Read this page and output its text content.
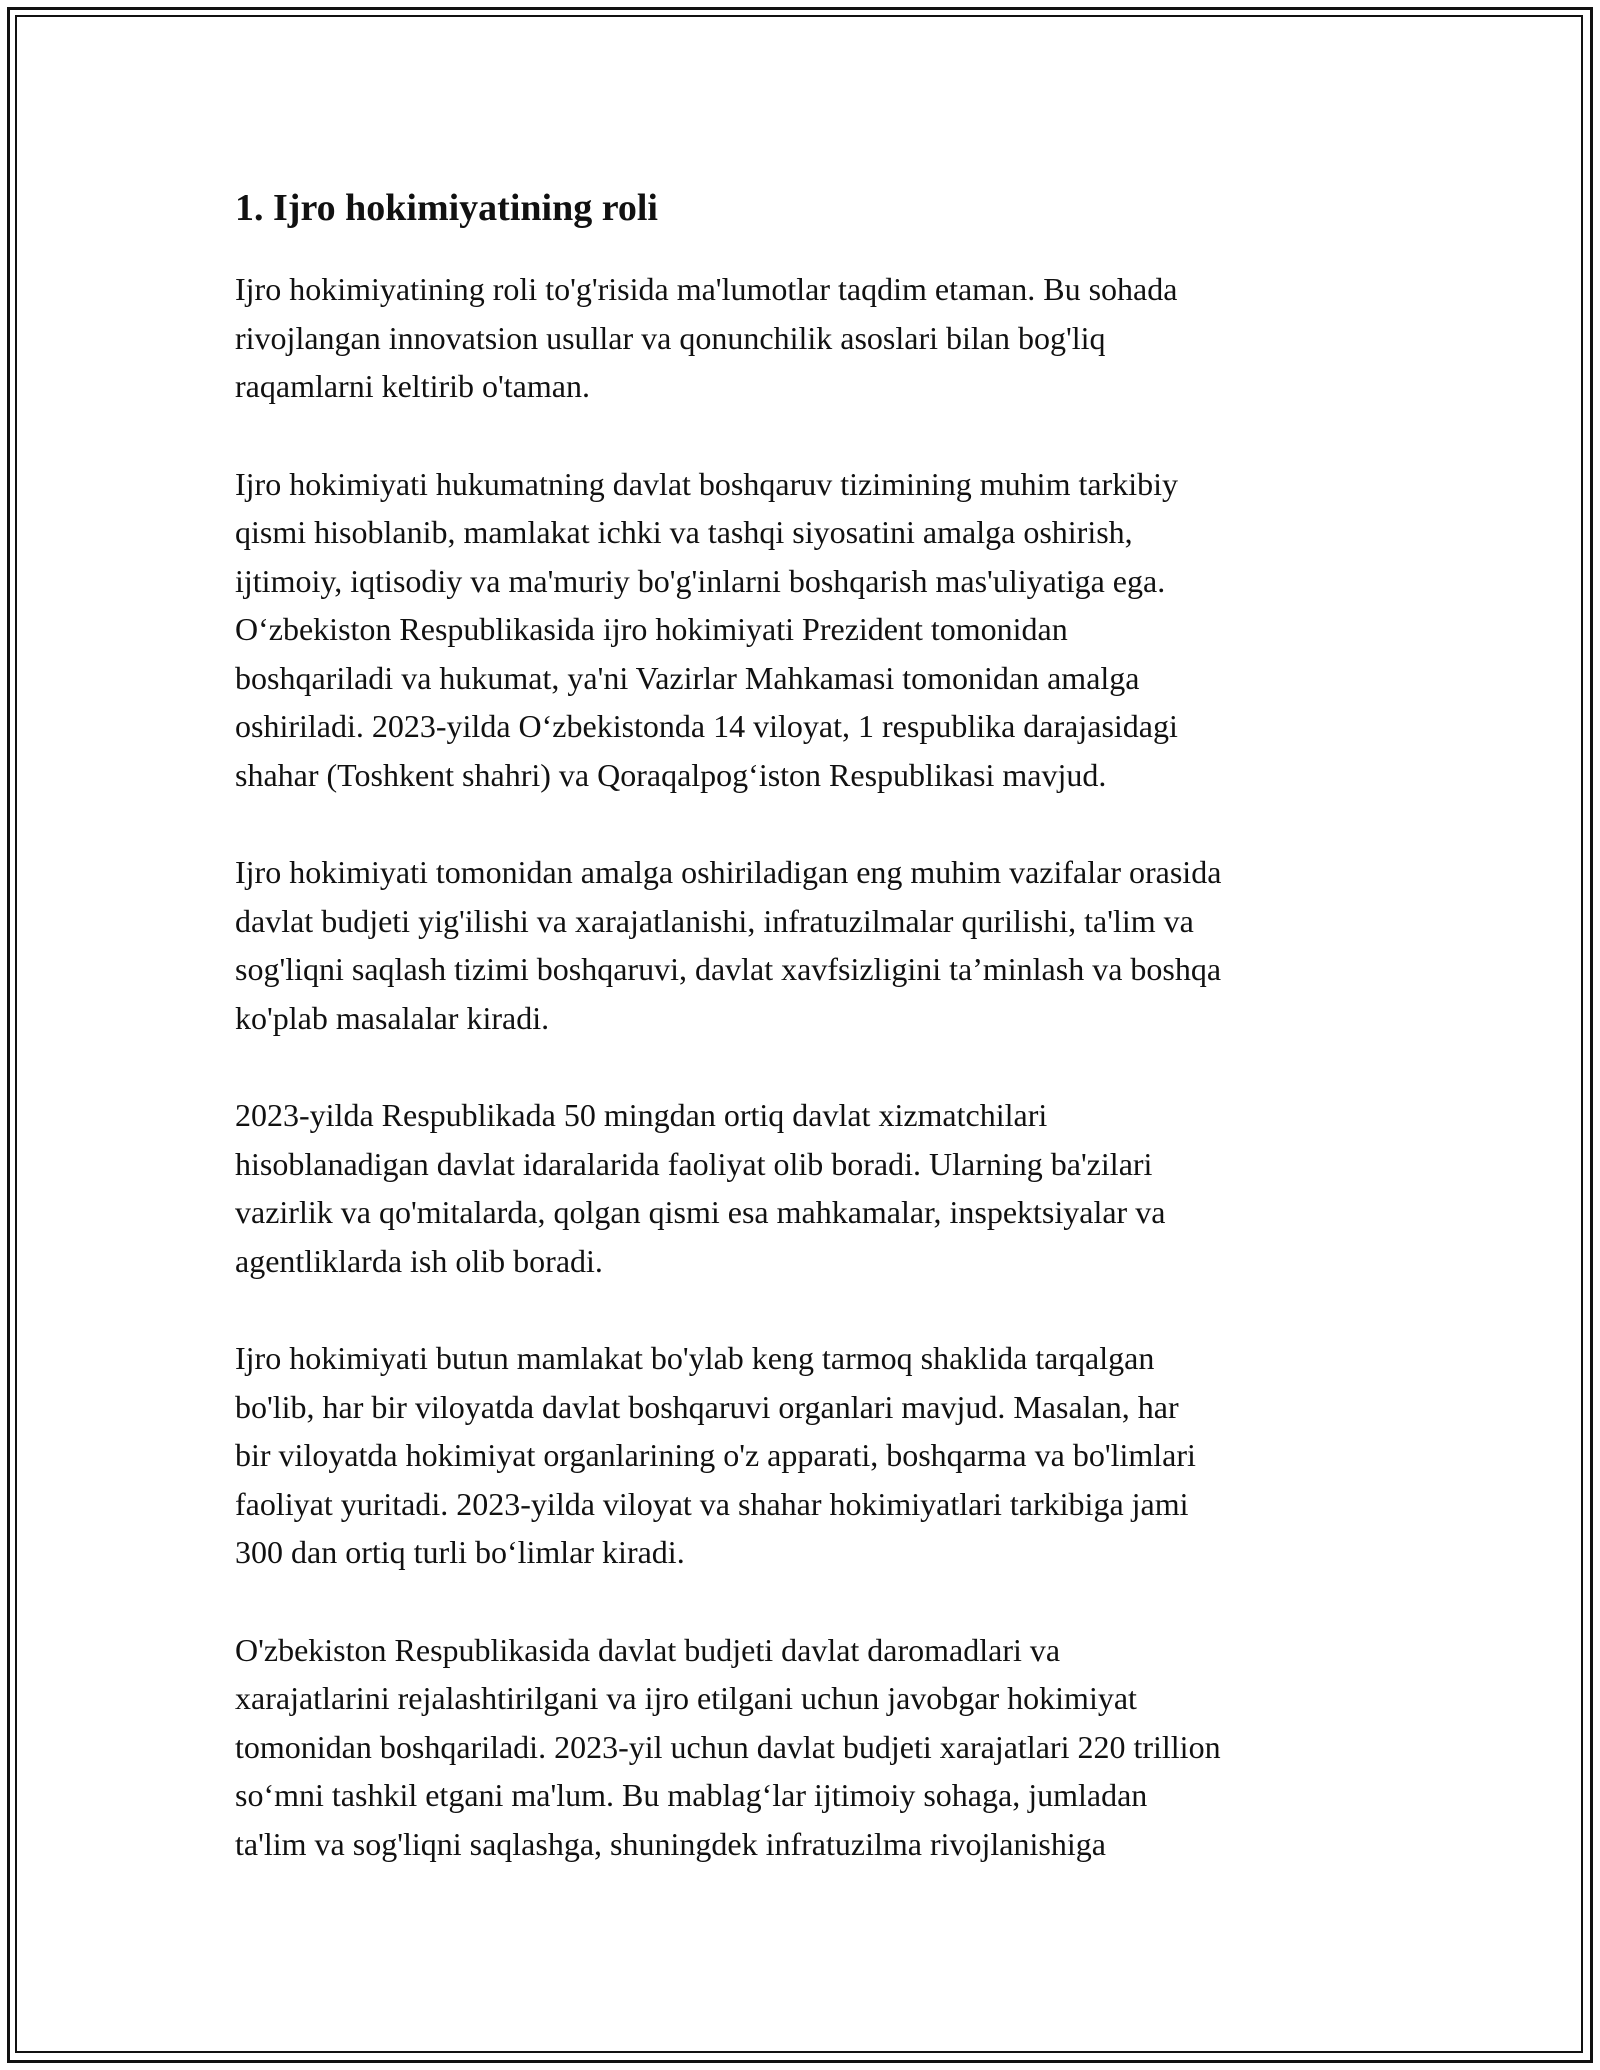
1. Ijro hokimiyatining roli

Ijro hokimiyatining roli to'g'risida ma'lumotlar taqdim etaman. Bu sohada
rivojlangan innovatsion usullar va qonunchilik asoslari bilan bog'liq
raqamlarni keltirib o'taman.

Ijro hokimiyati hukumatning davlat boshqaruv tizimining muhim tarkibiy
qismi hisoblanib, mamlakat ichki va tashqi siyosatini amalga oshirish,
ijtimoiy, iqtisodiy va ma'muriy bo'g'inlarni boshqarish mas'uliyatiga ega.
O‘zbekiston Respublikasida ijro hokimiyati Prezident tomonidan
boshqariladi va hukumat, ya'ni Vazirlar Mahkamasi tomonidan amalga
oshiriladi. 2023-yilda O‘zbekistonda 14 viloyat, 1 respublika darajasidagi
shahar (Toshkent shahri) va Qoraqalpog‘iston Respublikasi mavjud.

Ijro hokimiyati tomonidan amalga oshiriladigan eng muhim vazifalar orasida
davlat budjeti yig'ilishi va xarajatlanishi, infratuzilmalar qurilishi, ta'lim va
sog'liqni saqlash tizimi boshqaruvi, davlat xavfsizligini ta’minlash va boshqa
ko'plab masalalar kiradi.

2023-yilda Respublikada 50 mingdan ortiq davlat xizmatchilari
hisoblanadigan davlat idaralarida faoliyat olib boradi. Ularning ba'zilari
vazirlik va qo'mitalarda, qolgan qismi esa mahkamalar, inspektsiyalar va
agentliklarda ish olib boradi.

Ijro hokimiyati butun mamlakat bo'ylab keng tarmoq shaklida tarqalgan
bo'lib, har bir viloyatda davlat boshqaruvi organlari mavjud. Masalan, har
bir viloyatda hokimiyat organlarining o'z apparati, boshqarma va bo'limlari
faoliyat yuritadi. 2023-yilda viloyat va shahar hokimiyatlari tarkibiga jami
300 dan ortiq turli bo‘limlar kiradi.

O'zbekiston Respublikasida davlat budjeti davlat daromadlari va
xarajatlarini rejalashtirilgani va ijro etilgani uchun javobgar hokimiyat
tomonidan boshqariladi. 2023-yil uchun davlat budjeti xarajatlari 220 trillion
so‘mni tashkil etgani ma'lum. Bu mablag‘lar ijtimoiy sohaga, jumladan
ta'lim va sog'liqni saqlashga, shuningdek infratuzilma rivojlanishiga
